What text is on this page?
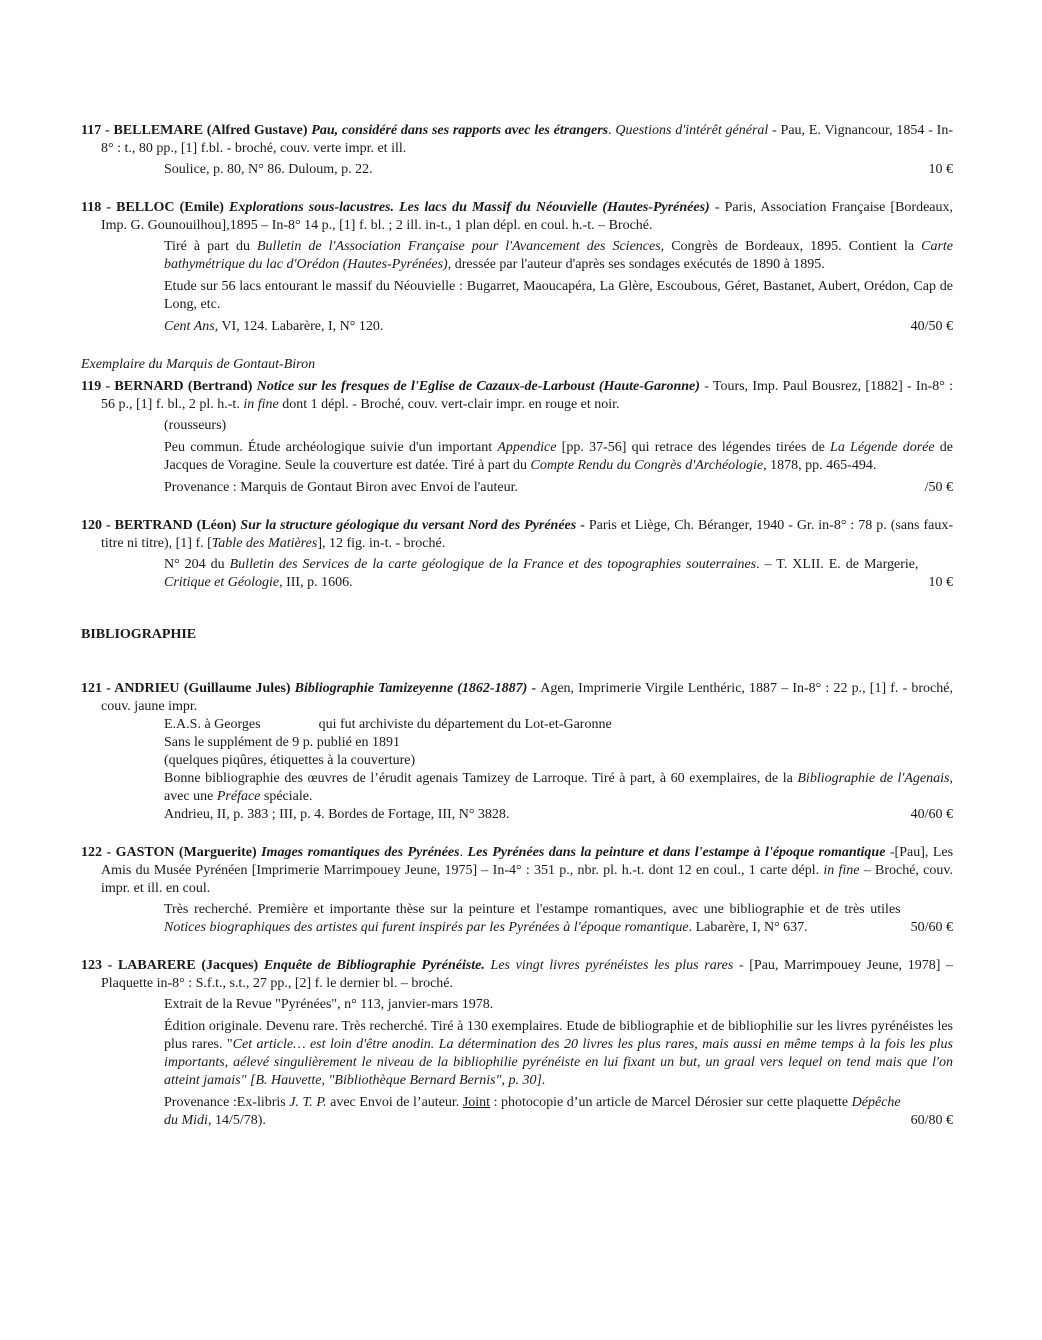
117 - BELLEMARE (Alfred Gustave) Pau, considéré dans ses rapports avec les étrangers. Questions d'intérêt général - Pau, E. Vignancour, 1854 - In-8° : t., 80 pp., [1] f.bl. - broché, couv. verte impr. et ill.
Soulice, p. 80, N° 86. Duloum, p. 22.	10 €
118 - BELLOC (Emile) Explorations sous-lacustres. Les lacs du Massif du Néouvielle (Hautes-Pyrénées) - Paris, Association Française [Bordeaux, Imp. G. Gounouilhou],1895 – In-8° 14 p., [1] f. bl. ; 2 ill. in-t., 1 plan dépl. en coul. h.-t. – Broché.
Tiré à part du Bulletin de l'Association Française pour l'Avancement des Sciences, Congrès de Bordeaux, 1895. Contient la Carte bathymétrique du lac d'Orédon (Hautes-Pyrénées), dressée par l'auteur d'après ses sondages exécutés de 1890 à 1895.
Etude sur 56 lacs entourant le massif du Néouvielle : Bugarret, Maoucapéra, La Glère, Escoubous, Géret, Bastanet, Aubert, Orédon, Cap de Long, etc.
Cent Ans, VI, 124. Labarère, I, N° 120.	40/50 €
Exemplaire du Marquis de Gontaut-Biron
119 - BERNARD (Bertrand) Notice sur les fresques de l'Eglise de Cazaux-de-Larboust (Haute-Garonne) - Tours, Imp. Paul Bousrez, [1882] - In-8° : 56 p., [1] f. bl., 2 pl. h.-t. in fine dont 1 dépl. - Broché, couv. vert-clair impr. en rouge et noir.
(rousseurs)
Peu commun. Étude archéologique suivie d'un important Appendice [pp. 37-56] qui retrace des légendes tirées de La Légende dorée de Jacques de Voragine. Seule la couverture est datée. Tiré à part du Compte Rendu du Congrès d'Archéologie, 1878, pp. 465-494.
Provenance : Marquis de Gontaut Biron avec Envoi de l'auteur.	/50 €
120 - BERTRAND (Léon) Sur la structure géologique du versant Nord des Pyrénées - Paris et Liège, Ch. Béranger, 1940 - Gr. in-8° : 78 p. (sans faux-titre ni titre), [1] f. [Table des Matières], 12 fig. in-t. - broché.
N° 204 du Bulletin des Services de la carte géologique de la France et des topographies souterraines. – T. XLII. E. de Margerie, Critique et Géologie, III, p. 1606.	10 €
BIBLIOGRAPHIE
121 - ANDRIEU (Guillaume Jules) Bibliographie Tamizeyenne (1862-1887) - Agen, Imprimerie Virgile Lenthéric, 1887 – In-8° : 22 p., [1] f. - broché, couv. jaune impr.
E.A.S. à Georges	qui fut archiviste du département du Lot-et-Garonne
Sans le supplément de 9 p. publié en 1891
(quelques piqûres, étiquettes à la couverture)
Bonne bibliographie des œuvres de l’érudit agenais Tamizey de Larroque. Tiré à part, à 60 exemplaires, de la Bibliographie de l'Agenais, avec une Préface spéciale.
Andrieu, II, p. 383 ; III, p. 4. Bordes de Fortage, III, N° 3828.	40/60 €
122 - GASTON (Marguerite) Images romantiques des Pyrénées. Les Pyrénées dans la peinture et dans l'estampe à l'époque romantique -[Pau], Les Amis du Musée Pyrénéen [Imprimerie Marrimpouey Jeune, 1975] – In-4° : 351 p., nbr. pl. h.-t. dont 12 en coul., 1 carte dépl. in fine – Broché, couv. impr. et ill. en coul.
Très recherché. Première et importante thèse sur la peinture et l'estampe romantiques, avec une bibliographie et de très utiles Notices biographiques des artistes qui furent inspirés par les Pyrénées à l'époque romantique. Labarère, I, N° 637.	50/60 €
123 - LABARERE (Jacques) Enquête de Bibliographie Pyrénéiste. Les vingt livres pyrénéistes les plus rares - [Pau, Marrimpouey Jeune, 1978] – Plaquette in-8° : S.f.t., s.t., 27 pp., [2] f. le dernier bl. – broché.
Extrait de la Revue "Pyrénées", n° 113, janvier-mars 1978.
Édition originale. Devenu rare. Très recherché. Tiré à 130 exemplaires. Etude de bibliographie et de bibliophilie sur les livres pyrénéistes les plus rares. "Cet article… est loin d'être anodin. La détermination des 20 livres les plus rares, mais aussi en même temps à la fois les plus importants, aélevé singulièrement le niveau de la bibliophilie pyrénéiste en lui fixant un but, un graal vers lequel on tend mais que l'on atteint jamais" [B. Hauvette, "Bibliothèque Bernard Bernis", p. 30].
Provenance :Ex-libris J. T. P. avec Envoi de l’auteur. Joint : photocopie d’un article de Marcel Dérosier sur cette plaquette Dépêche du Midi, 14/5/78).	60/80 €
